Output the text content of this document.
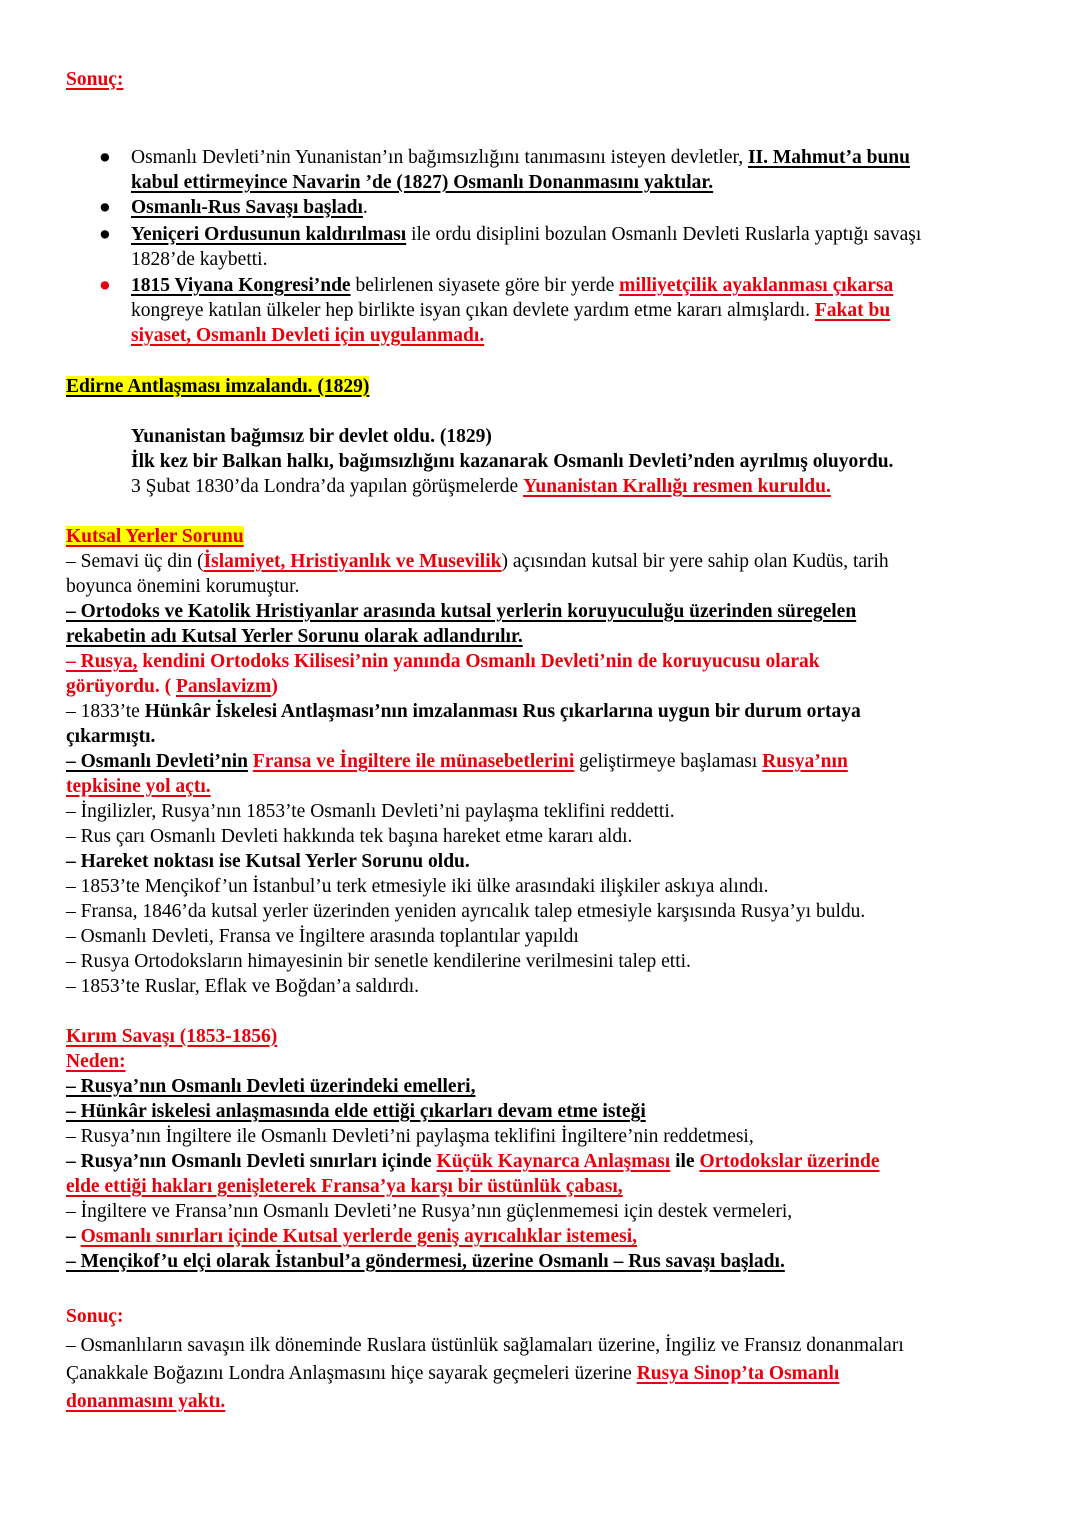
Sonuç:
● Osmanlı Devleti’nin Yunanistan’ın bağımsızlığını tanımasını isteyen devletler, II. Mahmut’a bunu
kabul ettirmeyince Navarin ’de (1827) Osmanlı Donanmasını yaktılar.
● Osmanlı-Rus Savaşı başladı.
● Yeniçeri Ordusunun kaldırılması ile ordu disiplini bozulan Osmanlı Devleti Ruslarla yaptığı savaşı
1828’de kaybetti.
● 1815 Viyana Kongresi’nde belirlenen siyasete göre bir yerde milliyetçilik ayaklanması çıkarsa
kongreye katılan ülkeler hep birlikte isyan çıkan devlete yardım etme kararı almışlardı. Fakat bu
siyaset, Osmanlı Devleti için uygulanmadı.
Edirne Antlaşması imzalandı. (1829)
Yunanistan bağımsız bir devlet oldu. (1829)
İlk kez bir Balkan halkı, bağımsızlığını kazanarak Osmanlı Devleti’nden ayrılmış oluyordu.
3 Şubat 1830’da Londra’da yapılan görüşmelerde Yunanistan Krallığı resmen kuruldu.
Kutsal Yerler Sorunu
– Semavi üç din (İslamiyet, Hristiyanlık ve Musevilik) açısından kutsal bir yere sahip olan Kudüs, tarih
boyunca önemini korumuştur.
– Ortodoks ve Katolik Hristiyanlar arasında kutsal yerlerin koruyuculuğu üzerinden süregelen
rekabetin adı Kutsal Yerler Sorunu olarak adlandırılır.
– Rusya, kendini Ortodoks Kilisesi’nin yanında Osmanlı Devleti’nin de koruyucusu olarak
görüyordu. ( Panslavizm)
– 1833’te Hünkâr İskelesi Antlaşması’nın imzalanması Rus çıkarlarına uygun bir durum ortaya
çıkarmıştı.
– Osmanlı Devleti’nin Fransa ve İngiltere ile münasebetlerini geliştirmeye başlaması Rusya’nın
tepkisine yol açtı.
– İngilizler, Rusya’nın 1853’te Osmanlı Devleti’ni paylaşma teklifini reddetti.
– Rus çarı Osmanlı Devleti hakkında tek başına hareket etme kararı aldı.
– Hareket noktası ise Kutsal Yerler Sorunu oldu.
– 1853’te Mençikof’un İstanbul’u terk etmesiyle iki ülke arasındaki ilişkiler askıya alındı.
– Fransa, 1846’da kutsal yerler üzerinden yeniden ayrıcalık talep etmesiyle karşısında Rusya’yı buldu.
– Osmanlı Devleti, Fransa ve İngiltere arasında toplantılar yapıldı
– Rusya Ortodoksların himayesinin bir senetle kendilerine verilmesini talep etti.
– 1853’te Ruslar, Eflak ve Boğdan’a saldırdı.
Kırım Savaşı (1853-1856)
Neden:
– Rusya’nın Osmanlı Devleti üzerindeki emelleri,
– Hünkâr iskelesi anlaşmasında elde ettiği çıkarları devam etme isteği
– Rusya’nın İngiltere ile Osmanlı Devleti’ni paylaşma teklifini İngiltere’nin reddetmesi,
– Rusya’nın Osmanlı Devleti sınırları içinde Küçük Kaynarca Anlaşması ile Ortodokslar üzerinde
elde ettiği hakları genişleterek Fransa’ya karşı bir üstünlük çabası,
– İngiltere ve Fransa’nın Osmanlı Devleti’ne Rusya’nın güçlenmemesi için destek vermeleri,
– Osmanlı sınırları içinde Kutsal yerlerde geniş ayrıcalıklar istemesi,
– Mençikof’u elçi olarak İstanbul’a göndermesi, üzerine Osmanlı – Rus savaşı başladı.
Sonuç:
– Osmanlıların savaşın ilk döneminde Ruslara üstünlük sağlamaları üzerine, İngiliz ve Fransız donanmaları
Çanakkale Boğazını Londra Anlaşmasını hiçe sayarak geçmeleri üzerine Rusya Sinop’ta Osmanlı
donanmasını yaktı.
